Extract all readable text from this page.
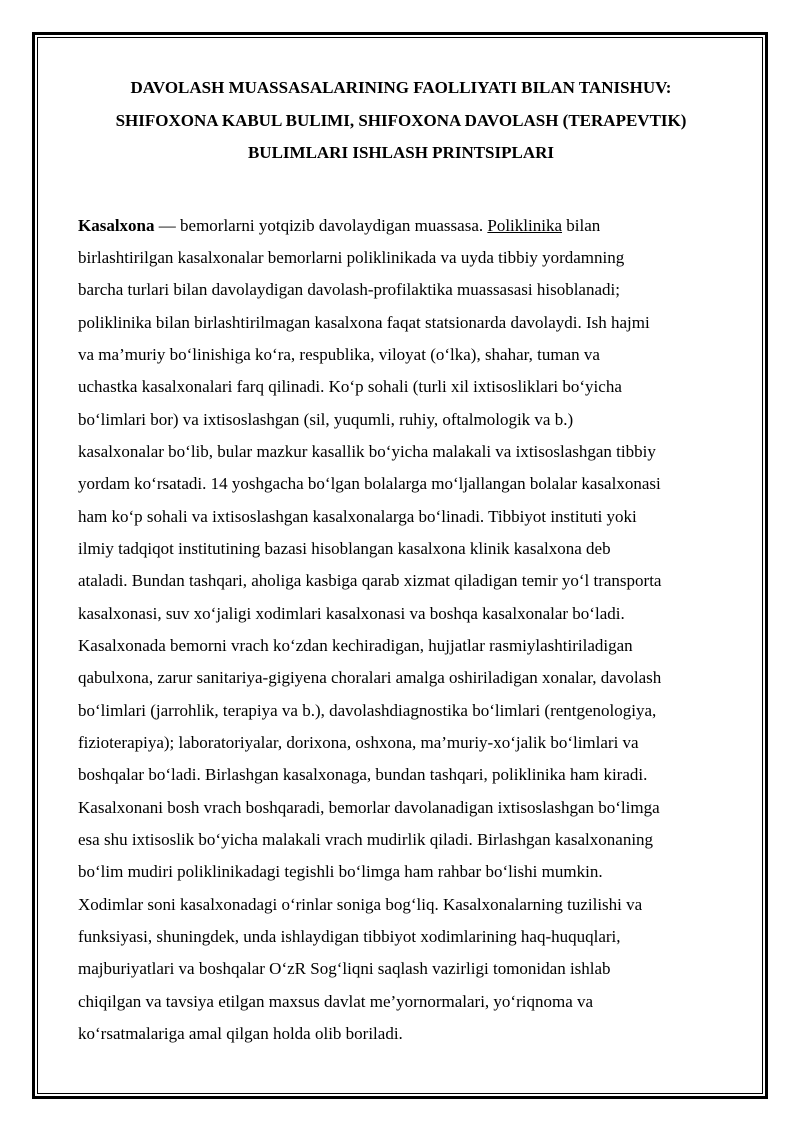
DAVOLASH MUASSASALARINING FAOLLIYATI BILAN TANISHUV:
SHIFOXONA KABUL BULIMI, SHIFOXONA DAVOLASH (TERAPEVTIK)
BULIMLARI ISHLASH PRINTSIPLARI
Kasalxona — bemorlarni yotqizib davolaydigan muassasa. Poliklinika bilan
birlashtirilgan kasalxonalar bemorlarni poliklinikada va uyda tibbiy yordamning
barcha turlari bilan davolaydigan davolash-profilaktika muassasasi hisoblanadi;
poliklinika bilan birlashtirilmagan kasalxona faqat statsionarda davolaydi. Ish hajmi
va ma’muriy boʻlinishiga koʻra, respublika, viloyat (oʻlka), shahar, tuman va
uchastka kasalxonalari farq qilinadi. Koʻp sohali (turli xil ixtisosliklari boʻyicha
boʻlimlari bor) va ixtisoslashgan (sil, yuqumli, ruhiy, oftalmologik va b.)
kasalxonalar boʻlib, bular mazkur kasallik boʻyicha malakali va ixtisoslashgan tibbiy
yordam koʻrsatadi. 14 yoshgacha boʻlgan bolalarga moʻljallangan bolalar kasalxonasi
ham koʻp sohali va ixtisoslashgan kasalxonalarga boʻlinadi. Tibbiyot instituti yoki
ilmiy tadqiqot institutining bazasi hisoblangan kasalxona klinik kasalxona deb
ataladi. Bundan tashqari, aholiga kasbiga qarab xizmat qiladigan temir yoʻl transporta
kasalxonasi, suv xoʻjaligi xodimlari kasalxonasi va boshqa kasalxonalar boʻladi.
Kasalxonada bemorni vrach koʻzdan kechiradigan, hujjatlar rasmiylashtiriladigan
qabulxona, zarur sanitariya-gigiyena choralari amalga oshiriladigan xonalar, davolash
boʻlimlari (jarrohlik, terapiya va b.), davolashdiagnostika boʻlimlari (rentgenologiya,
fizioterapiya); laboratoriyalar, dorixona, oshxona, ma’muriy-xoʻjalik boʻlimlari va
boshqalar boʻladi. Birlashgan kasalxonaga, bundan tashqari, poliklinika ham kiradi.
Kasalxonani bosh vrach boshqaradi, bemorlar davolanadigan ixtisoslashgan boʻlimga
esa shu ixtisoslik boʻyicha malakali vrach mudirlik qiladi. Birlashgan kasalxonaning
boʻlim mudiri poliklinikadagi tegishli boʻlimga ham rahbar boʻlishi mumkin.
Xodimlar soni kasalxonadagi oʻrinlar soniga bogʻliq. Kasalxonalarning tuzilishi va
funksiyasi, shuningdek, unda ishlaydigan tibbiyot xodimlarining haq-huquqlari,
majburiyatlari va boshqalar OʻzR Sogʻliqni saqlash vazirligi tomonidan ishlab
chiqilgan va tavsiya etilgan maxsus davlat me’yornormalari, yoʻriqnoma va
koʻrsatmalariga amal qilgan holda olib boriladi.
